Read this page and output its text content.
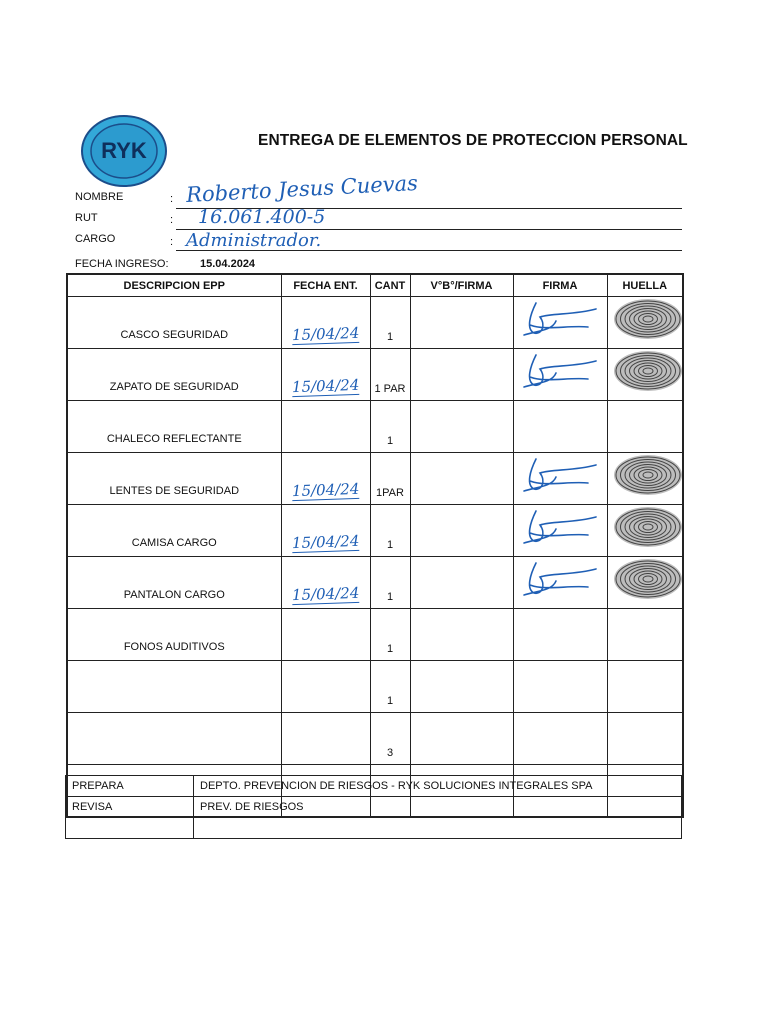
RYK	ENTREGA DE ELEMENTOS DE PROTECCION PERSONAL
NOMBRE	: Roberto Jesus Cuevas
RUT	: 16.061.400-5
CARGO	: Administrador.
FECHA INGRESO:	15.04.2024
DESCRIPCION EPP	FECHA ENT.	CANT	V°B°/FIRMA	FIRMA	HUELLA
CASCO SEGURIDAD	15/04/24	1		

ZAPATO DE SEGURIDAD	15/04/24	1 PAR		

CHALECO REFLECTANTE		1			
LENTES DE SEGURIDAD	15/04/24	1PAR		

CAMISA CARGO	15/04/24	1		

PANTALON CARGO	15/04/24	1		

FONOS AUDITIVOS		1			
		1			
		3			

PREPARA	DEPTO. PREVENCION DE RIESGOS - RYK SOLUCIONES INTEGRALES SPA
REVISA	PREV. DE RIESGOS
